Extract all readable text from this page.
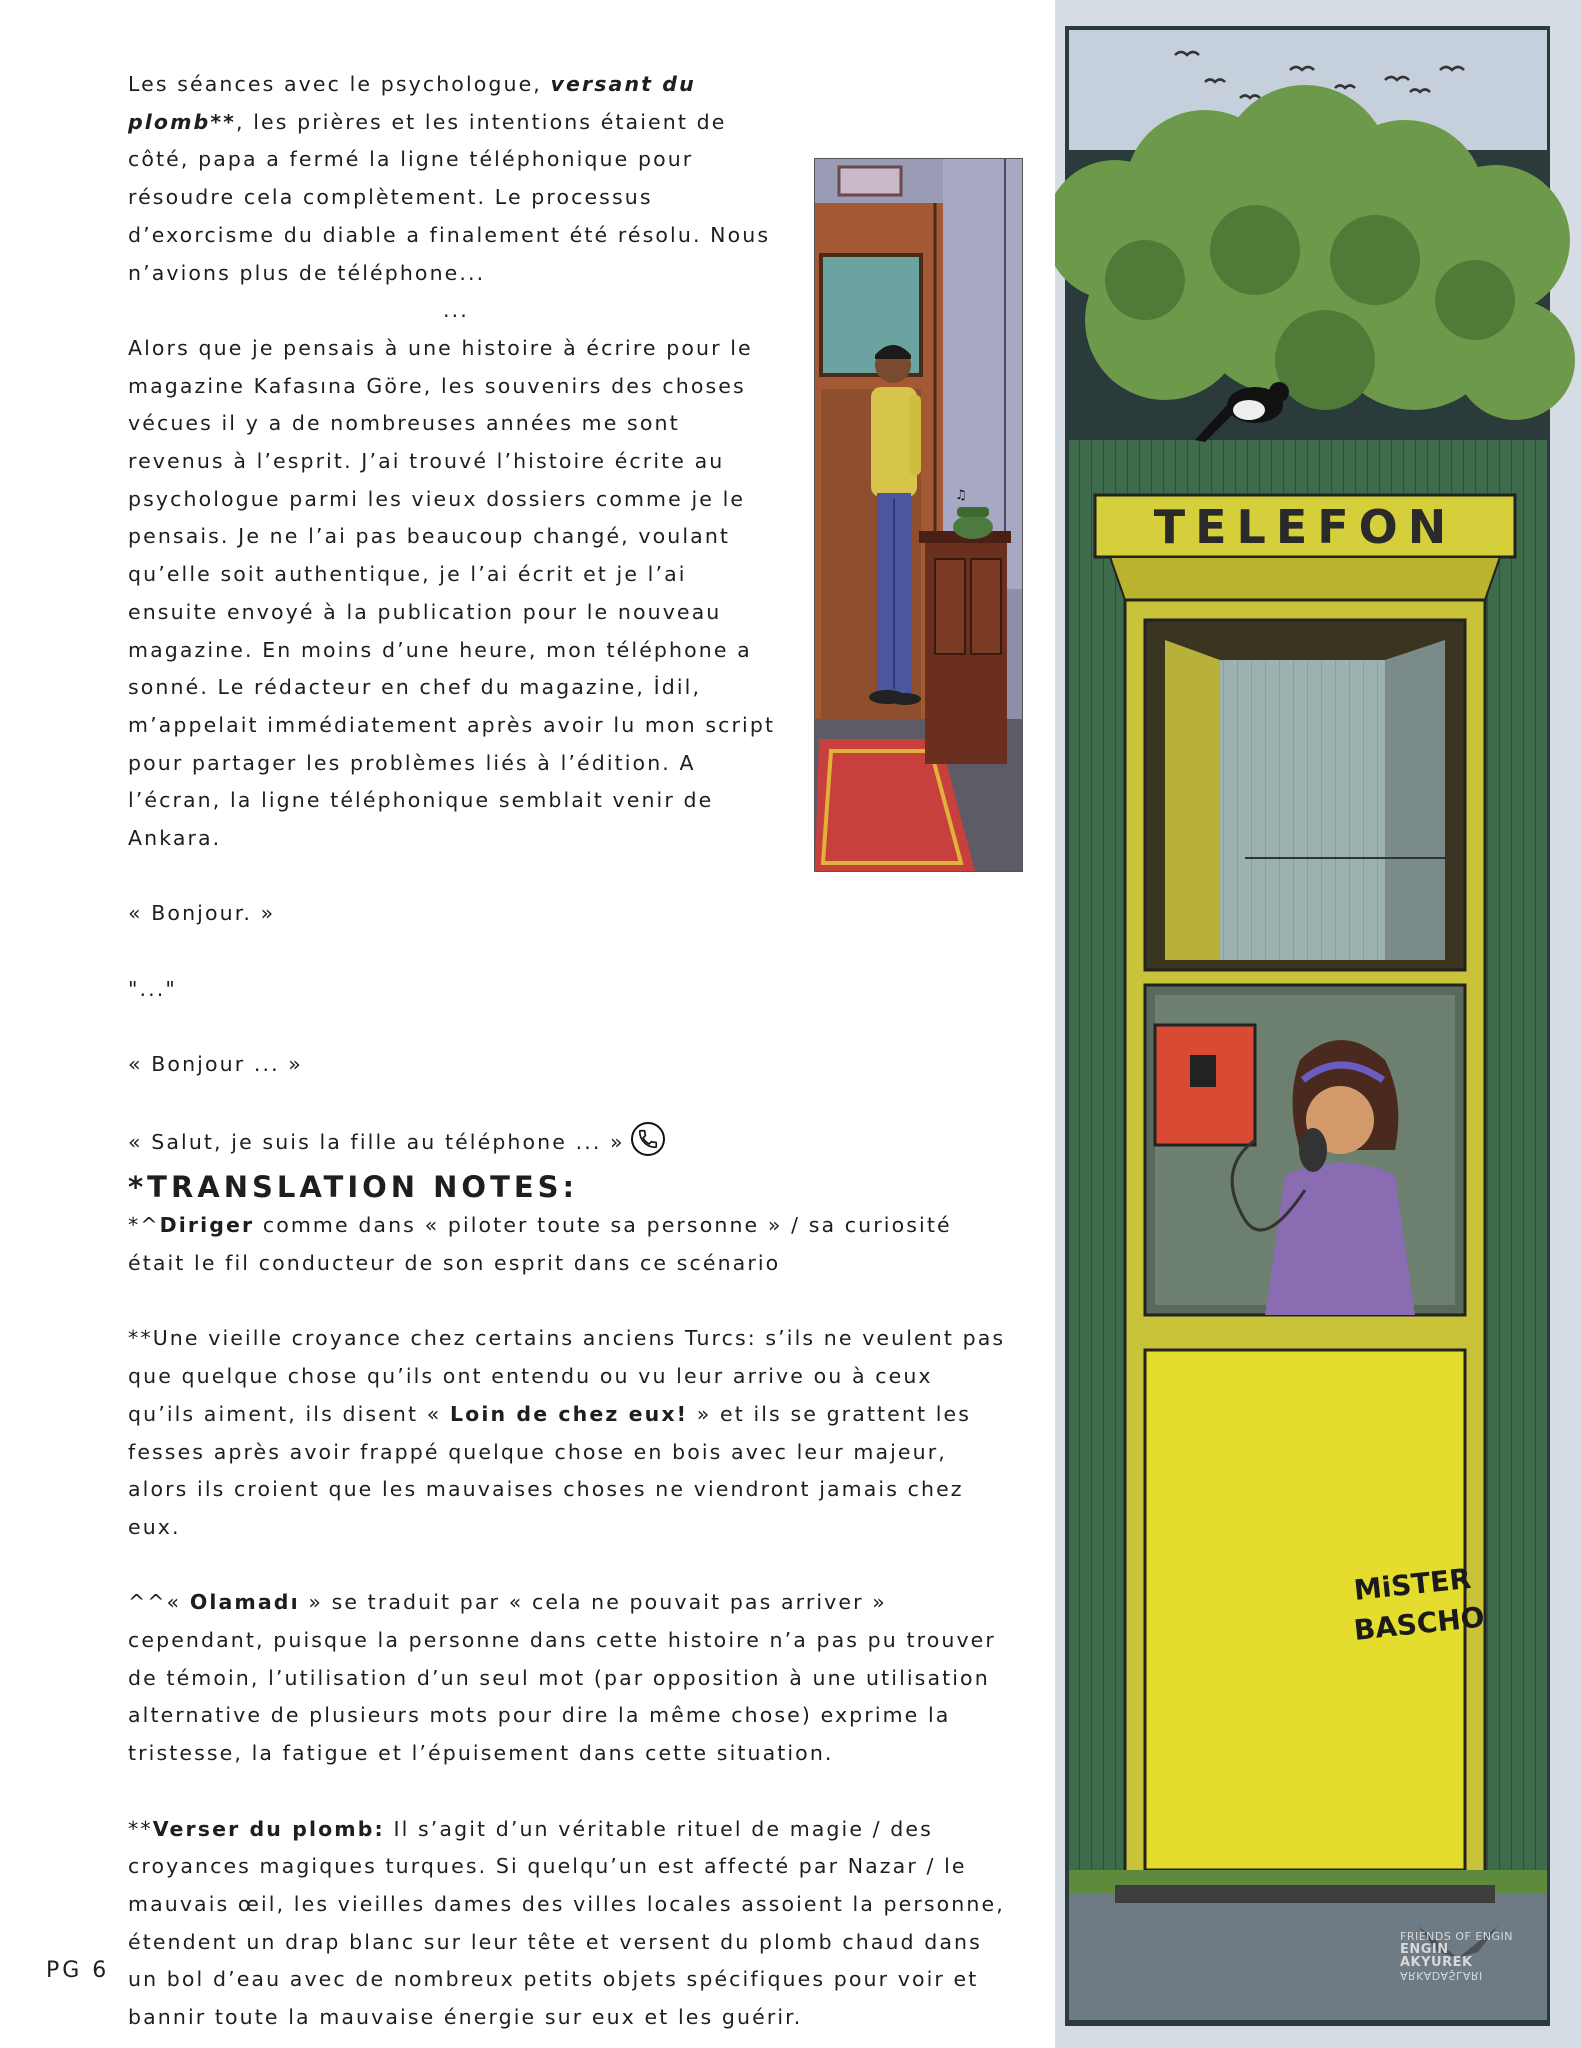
Les séances avec le psychologue, versant du plomb**, les prières et les intentions étaient de côté, papa a fermé la ligne téléphonique pour résoudre cela complètement. Le processus d’exorcisme du diable a finalement été résolu. Nous n’avions plus de téléphone...

...

Alors que je pensais à une histoire à écrire pour le magazine Kafasına Göre, les souvenirs des choses vécues il y a de nombreuses années me sont revenus à l’esprit. J’ai trouvé l’histoire écrite au psychologue parmi les vieux dossiers comme je le pensais. Je ne l’ai pas beaucoup changé, voulant qu’elle soit authentique, je l’ai écrit et je l’ai ensuite envoyé à la publication pour le nouveau magazine. En moins d’une heure, mon téléphone a sonné. Le rédacteur en chef du magazine, İdil, m’appelait immédiatement après avoir lu mon script pour partager les problèmes liés à l’édition. A l’écran, la ligne téléphonique semblait venir de Ankara.

« Bonjour. »

"..."

« Bonjour ... »

« Salut, je suis la fille au téléphone ... »

*TRANSLATION NOTES:

*^Diriger comme dans « piloter toute sa personne » / sa curiosité était le fil conducteur de son esprit dans ce scénario

**Une vieille croyance chez certains anciens Turcs: s’ils ne veulent pas que quelque chose qu’ils ont entendu ou vu leur arrive ou à ceux qu’ils aiment, ils disent « Loin de chez eux! » et ils se grattent les fesses après avoir frappé quelque chose en bois avec leur majeur, alors ils croient que les mauvaises choses ne viendront jamais chez eux.

^^« Olamadı » se traduit par « cela ne pouvait pas arriver » cependant, puisque la personne dans cette histoire n’a pas pu trouver de témoin, l’utilisation d’un seul mot (par opposition à une utilisation alternative de plusieurs mots pour dire la même chose) exprime la tristesse, la fatigue et l’épuisement dans cette situation.

**Verser du plomb: Il s’agit d’un véritable rituel de magie / des croyances magiques turques. Si quelqu’un est affecté par Nazar / le mauvais œil, les vieilles dames des villes locales assoient la personne, étendent un drap blanc sur leur tête et versent du plomb chaud dans un bol d’eau avec de nombreux petits objets spécifiques pour voir et bannir toute la mauvaise énergie sur eux et les guérir.

PG 6
♫
TELEFON
MiSTER
BASCHO
FRIENDS OF ENGIN
ENGIN AKYUREK
ARKADAŞLARI
